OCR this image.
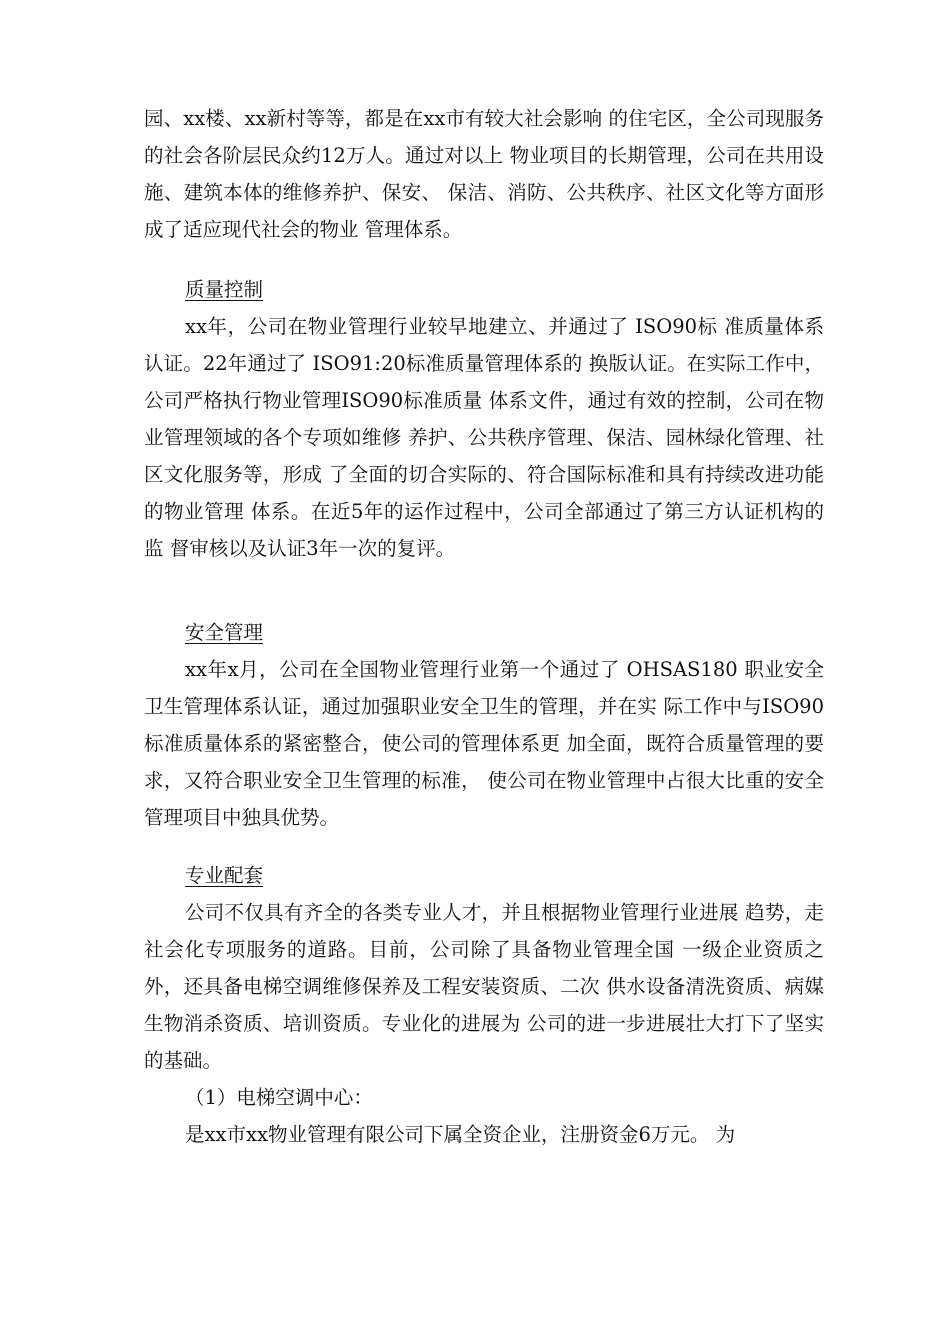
园、xx楼、xx新村等等，都是在xx市有较大社会影响 的住宅区，全公司现服务的社会各阶层民众约12万人。通过对以上 物业项目的长期管理，公司在共用设施、建筑本体的维修养护、保安、 保洁、消防、公共秩序、社区文化等方面形成了适应现代社会的物业 管理体系。

质量控制

xx年，公司在物业管理行业较早地建立、并通过了 ISO90标 准质量体系认证。22年通过了 ISO91:20标准质量管理体系的 换版认证。在实际工作中，公司严格执行物业管理ISO90标准质量 体系文件，通过有效的控制，公司在物业管理领域的各个专项如维修 养护、公共秩序管理、保洁、园林绿化管理、社区文化服务等，形成 了全面的切合实际的、符合国际标准和具有持续改进功能的物业管理 体系。在近5年的运作过程中，公司全部通过了第三方认证机构的监 督审核以及认证3年一次的复评。

安全管理

xx年x月，公司在全国物业管理行业第一个通过了 OHSAS180 职业安全卫生管理体系认证，通过加强职业安全卫生的管理，并在实 际工作中与ISO90标准质量体系的紧密整合，使公司的管理体系更 加全面，既符合质量管理的要求，又符合职业安全卫生管理的标准， 使公司在物业管理中占很大比重的安全管理项目中独具优势。

专业配套

公司不仅具有齐全的各类专业人才，并且根据物业管理行业进展 趋势，走社会化专项服务的道路。目前，公司除了具备物业管理全国 一级企业资质之外，还具备电梯空调维修保养及工程安装资质、二次 供水设备清洗资质、病媒生物消杀资质、培训资质。专业化的进展为 公司的进一步进展壮大打下了坚实的基础。

（1）电梯空调中心：

是xx市xx物业管理有限公司下属全资企业，注册资金6万元。 为
